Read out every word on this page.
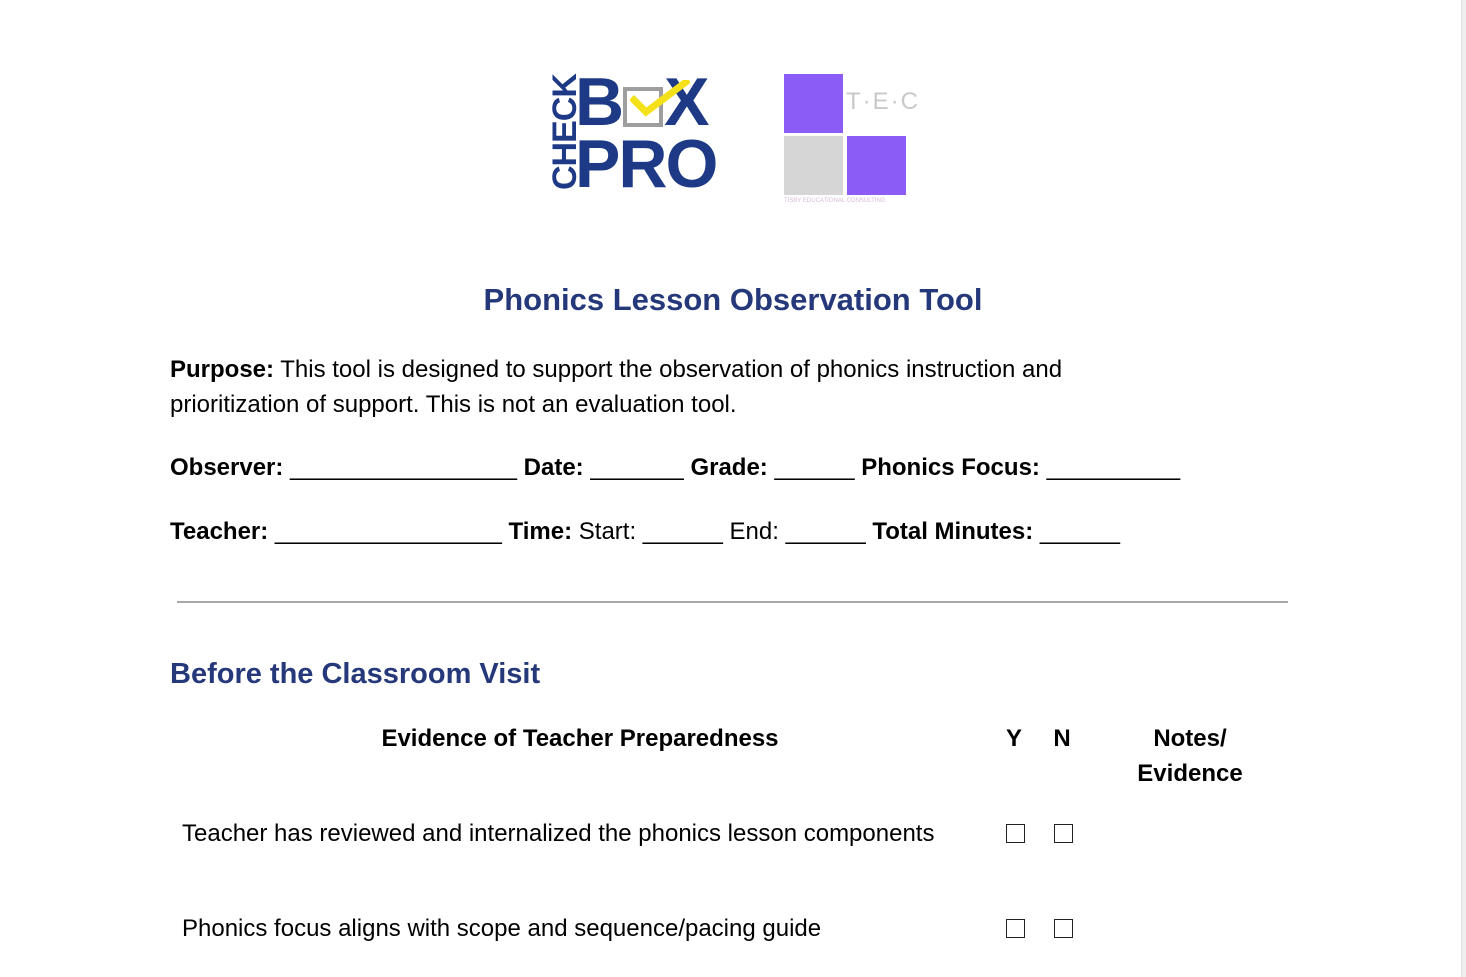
CHECK
B X
PRO
T·E·C
TISBY EDUCATIONAL CONSULTING
Phonics Lesson Observation Tool
Purpose: This tool is designed to support the observation of phonics instruction and prioritization of support. This is not an evaluation tool.
Observer: _________________ Date: _______ Grade: ______ Phonics Focus: __________
Teacher: _________________ Time: Start: ______ End: ______ Total Minutes: ______
Before the Classroom Visit
Evidence of Teacher Preparedness	Y	N	Notes/ Evidence
Teacher has reviewed and internalized the phonics lesson components
Phonics focus aligns with scope and sequence/pacing guide
